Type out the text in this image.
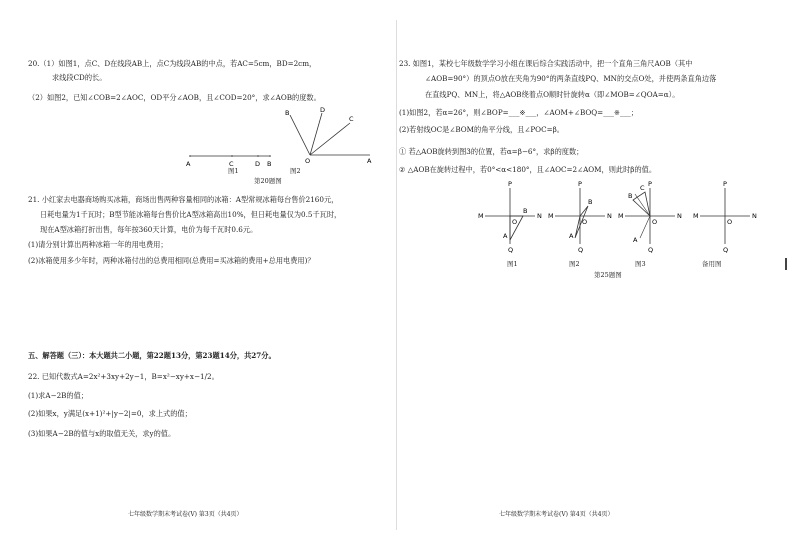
20.（1）如图1，点C、D在线段AB上，点C为线段AB的中点，若AC=5cm，BD=2cm，
求线段CD的长。
（2）如图2，已知∠COB=2∠AOC，OD平分∠AOB，且∠COD=20°，求∠AOB的度数。
A	C	D B
B	D
C
O	A
图1	图2
第20题图
21. 小红家去电器商场购买冰箱，商场出售两种容量相同的冰箱：A型常规冰箱每台售价2160元，
日耗电量为1千瓦时；B型节能冰箱每台售价比A型冰箱高出10%，但日耗电量仅为0.5千瓦时，
现在A型冰箱打折出售，每年按360天计算，电价为每千瓦时0.6元。
(1)请分别计算出两种冰箱一年的用电费用；
(2)冰箱使用多少年时，两种冰箱付出的总费用相同(总费用=买冰箱的费用+总用电费用)？
五、解答题（三）：本大题共二小题，第22题13分，第23题14分，共27分。
22. 已知代数式A=2x²+3xy+2y−1，B=x²−xy+x−1/2。
(1)求A−2B的值；
(2)如果x，y满足(x+1)²+|y−2|=0，求上式的值；
(3)如果A−2B的值与x的取值无关，求y的值。
七年级数学期末考试卷(V) 第3页（共4页）
23. 如图1，某校七年级数学学习小组在课后综合实践活动中，把一个直角三角尺AOB（其中
∠AOB=90°）的顶点O放在夹角为90°的两条直线PQ、MN的交点O处，并使两条直角边落
在直线PQ、MN上，将△AOB绕着点O顺时针旋转α（即∠MOB=∠QOA=α）。
(1)如图2，若α=26°，则∠BOP=___※___，∠AOM+∠BOQ=___※___；
(2)若射线OC是∠BOM的角平分线，且∠POC=β。
① 若△AOB旋转到图3的位置，若α=β−6°，求β的度数；
② △AOB在旋转过程中，若0°<α<180°，且∠AOC=2∠AOM，则此时β的值。
M	N
P
Q
O
A
B
M	N
P
Q
O
A
B
M	N
P
Q
O
A
B
C
M	N
P
Q
O
图1	图2	图3	备用图
第25题图
七年级数学期末考试卷(V) 第4页（共4页）
